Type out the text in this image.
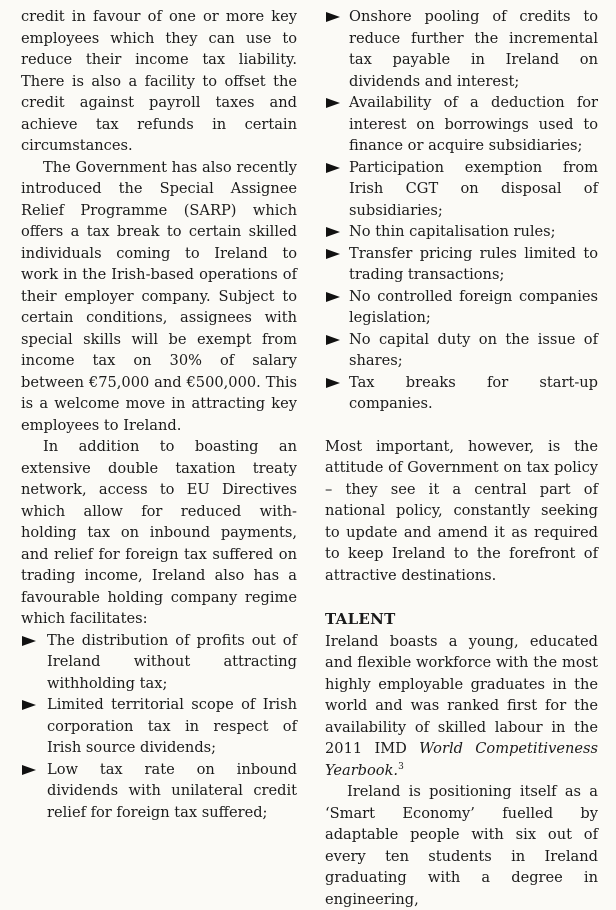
credit in favour of one or more key employees which they can use to reduce their income tax liability. There is also a facility to offset the credit against payroll taxes and achieve tax refunds in certain circumstances.

The Government has also recently introduced the Special Assignee Relief Programme (SARP) which offers a tax break to certain skilled individuals coming to Ireland to work in the Irish-based operations of their employer company. Subject to certain conditions, assignees with special skills will be exempt from income tax on 30% of salary between €75,000 and €500,000. This is a welcome move in attracting key employees to Ireland.

In addition to boasting an extensive double taxation treaty network, access to EU Directives which allow for reduced with-holding tax on inbound payments, and relief for foreign tax suffered on trading income, Ireland also has a favourable holding company regime which facilitates:

The distribution of profits out of Ireland without attracting withholding tax;
Limited territorial scope of Irish corporation tax in respect of Irish source dividends;
Low tax rate on inbound dividends with unilateral credit relief for foreign tax suffered;
Onshore pooling of credits to reduce further the incremental tax payable in Ireland on dividends and interest;
Availability of a deduction for interest on borrowings used to finance or acquire subsidiaries;
Participation exemption from Irish CGT on disposal of subsidiaries;
No thin capitalisation rules;
Transfer pricing rules limited to trading transactions;
No controlled foreign companies legislation;
No capital duty on the issue of shares;
Tax breaks for start-up companies.

Most important, however, is the attitude of Government on tax policy – they see it a central part of national policy, constantly seeking to update and amend it as required to keep Ireland to the forefront of attractive destinations.

TALENT

Ireland boasts a young, educated and flexible workforce with the most highly employable graduates in the world and was ranked first for the availability of skilled labour in the 2011 IMD World Competitiveness Yearbook.$^3$

Ireland is positioning itself as a ‘Smart Economy’ fuelled by adaptable people with six out of every ten students in Ireland graduating with a degree in engineering,
